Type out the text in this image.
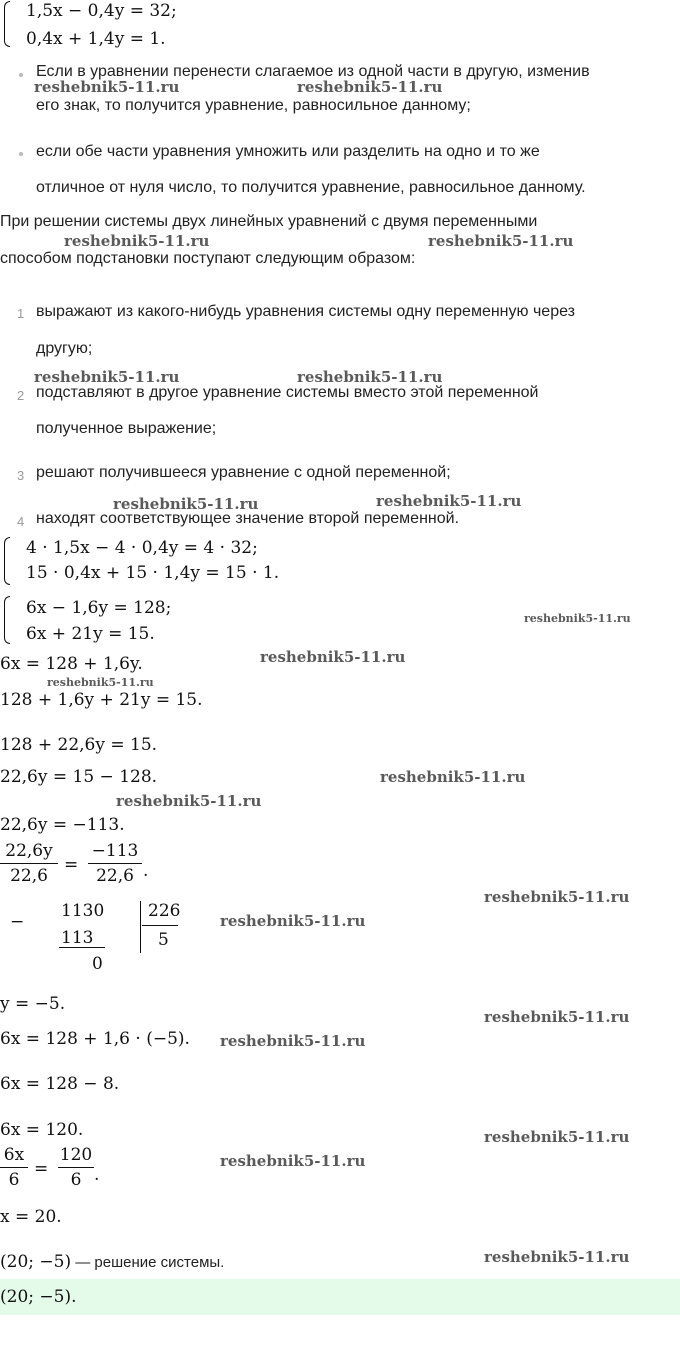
1,5x − 0,4y = 32;
0,4x + 1,4y = 1.
Если в уравнении перенести слагаемое из одной части в другую, изменив
его знак, то получится уравнение, равносильное данному;
если обе части уравнения умножить или разделить на одно и то же
отличное от нуля число, то получится уравнение, равносильное данному.
При решении системы двух линейных уравнений с двумя переменными
способом подстановки поступают следующим образом:
1 выражают из какого-нибудь уравнения системы одну переменную через
другую;
2 подставляют в другое уравнение системы вместо этой переменной
полученное выражение;
3 решают получившееся уравнение с одной переменной;
4 находят соответствующее значение второй переменной.
4 · 1,5x − 4 · 0,4y = 4 · 32;
15 · 0,4x + 15 · 1,4y = 15 · 1.
6x − 1,6y = 128;
6x + 21y = 15.
6x = 128 + 1,6y.
128 + 1,6y + 21y = 15.
128 + 22,6y = 15.
22,6y = 15 − 128.
22,6y = −113.
22,6y
22,6
=
−113
22,6 .
−
1130
113
0
226
5
y = −5.
6x = 128 + 1,6 · (−5).
6x = 128 − 8.
6x = 120.
6x
6
=
120
6 .
x = 20.
(20; −5) — решение системы.
(20; −5).
reshebnik5-11.ru	reshebnik5-11.ru
reshebnik5-11.ru	reshebnik5-11.ru
reshebnik5-11.ru	reshebnik5-11.ru
reshebnik5-11.ru	reshebnik5-11.ru
reshebnik5-11.ru
reshebnik5-11.ru
reshebnik5-11.ru
reshebnik5-11.ru
reshebnik5-11.ru
reshebnik5-11.ru
reshebnik5-11.ru
reshebnik5-11.ru
reshebnik5-11.ru
reshebnik5-11.ru
reshebnik5-11.ru
reshebnik5-11.ru
